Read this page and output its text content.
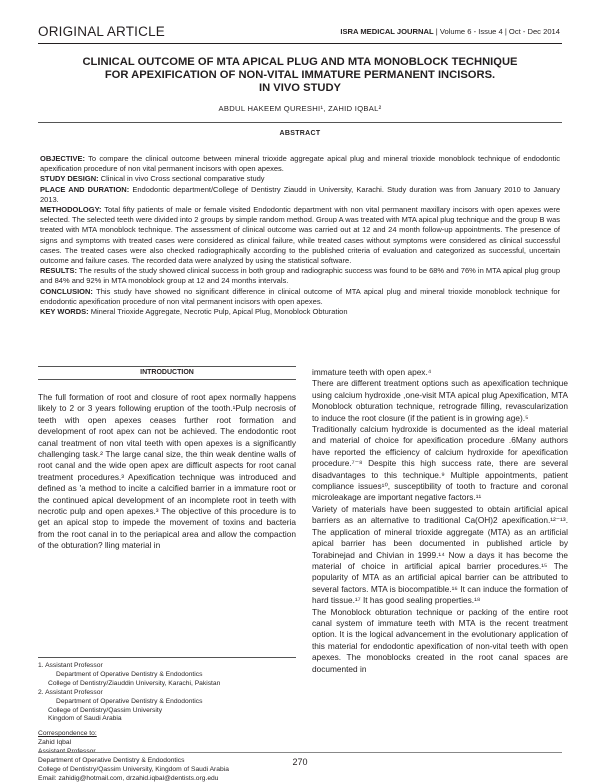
ORIGINAL ARTICLE	ISRA MEDICAL JOURNAL | Volume 6 - Issue 4 | Oct - Dec 2014
CLINICAL OUTCOME OF MTA APICAL PLUG AND MTA MONOBLOCK TECHNIQUE
FOR APEXIFICATION OF NON-VITAL IMMATURE PERMANENT INCISORS.
IN VIVO STUDY
ABDUL HAKEEM QURESHI¹, ZAHID IQBAL²
ABSTRACT

OBJECTIVE: To compare the clinical outcome between mineral trioxide aggregate apical plug and mineral trioxide monoblock technique of endodontic apexification procedure of non vital permanent incisors with open apexes.

STUDY DESIGN: Clinical in vivo Cross sectional comparative study

PLACE AND DURATION: Endodontic department/College of Dentistry Ziaudd in University, Karachi. Study duration was from January 2010 to January 2013.

METHODOLOGY: Total fifty patients of male or female visited Endodontic department with non vital permanent maxillary incisors with open apexes were selected. The selected teeth were divided into 2 groups by simple random method. Group A was treated with MTA apical plug technique and the group B was treated with MTA monoblock technique. The assessment of clinical outcome was carried out at 12 and 24 month follow-up appointments. The presence of signs and symptoms with treated cases were considered as clinical failure, while treated cases without symptoms were considered as clinical successful cases. The treated cases were also checked radiographically according to the published criteria of evaluation and categorized as successful, uncertain outcome and failure cases. The recorded data were analyzed by using the statistical software.

RESULTS: The results of the study showed clinical success in both group and radiographic success was found to be 68% and 76% in MTA apical plug group and 84% and 92% in MTA monoblock group at 12 and 24 months intervals.

CONCLUSION: This study have showed no significant difference in clinical outcome of MTA apical plug and mineral trioxide monoblock technique for endodontic apexification procedure of non vital permanent incisors with open apexes.

KEY WORDS: Mineral Trioxide Aggregate, Necrotic Pulp, Apical Plug, Monoblock Obturation

INTRODUCTION

The full formation of root and closure of root apex normally happens likely to 2 or 3 years following eruption of the tooth.¹Pulp necrosis of teeth with open apexes ceases further root formation and development of root apex can not be achieved. The endodontic root canal treatment of non vital teeth with open apexes is a significantly challenging task.² The large canal size, the thin weak dentine walls of root canal and the wide open apex are difficult aspects for root canal treatment procedures.³ Apexification technique was introduced and defined as 'a method to incite a calcified barrier in a immature root or the continued apical development of an incomplete root in teeth with necrotic pulp and open apexes.³ The objective of this procedure is to get an apical stop to impede the movement of toxins and bacteria from the root canal in to the periapical area and allow the compaction of the obturation? lling material in

immature teeth with open apex.⁴

There are different treatment options such as apexification technique using calcium hydroxide ,one-visit MTA apical plug Apexification, MTA Monoblock obturation technique, retrograde filling, revascularization to induce the root closure (if the patient is in growing age).⁵

Traditionally calcium hydroxide is documented as the ideal material and material of choice for apexification procedure .6Many authors have reported the efficiency of calcium hydroxide for apexification procedure.⁷⁻⁸ Despite this high success rate, there are several disadvantages to this technique.⁹ Multiple appointments, patient compliance issues¹⁰, susceptibility of tooth to fracture and coronal microleakage are important negative factors.¹¹

Variety of materials have been suggested to obtain artificial apical barriers as an alternative to traditional Ca(OH)2 apexification.¹²⁻¹³. The application of mineral trioxide aggregate (MTA) as an artificial apical barrier has been documented in published article by Torabinejad and Chivian in 1999.¹⁴ Now a days it has become the material of choice in artificial apical barrier procedures.¹⁵ The popularity of MTA as an artificial apical barrier can be attributed to several factors. MTA is biocompatible.¹⁶ It can induce the formation of hard tissue.¹⁷ It has good sealing properties.¹⁸

The Monoblock obturation technique or packing of the entire root canal system of immature teeth with MTA is the recent treatment option. It is the logical advancement in the evolutionary application of this material for endodontic apexification of non-vital teeth with open apexes. The monoblocks created in the root canal spaces are documented in

1. Assistant Professor

Department of Operative Dentistry & Endodontics

College of Dentistry/Ziauddin University, Karachi, Pakistan

2. Assistant Professor

Department of Operative Dentistry & Endodontics

College of Dentistry/Qassim University

Kingdom of Saudi Arabia

Correspondence to:

Zahid Iqbal

Assistant Professor

Department of Operative Dentistry & Endodontics

College of Dentistry/Qassim University, Kingdom of Saudi Arabia

Email: zahidig@hotmail.com, drzahid.iqbal@dentists.org.edu

270
